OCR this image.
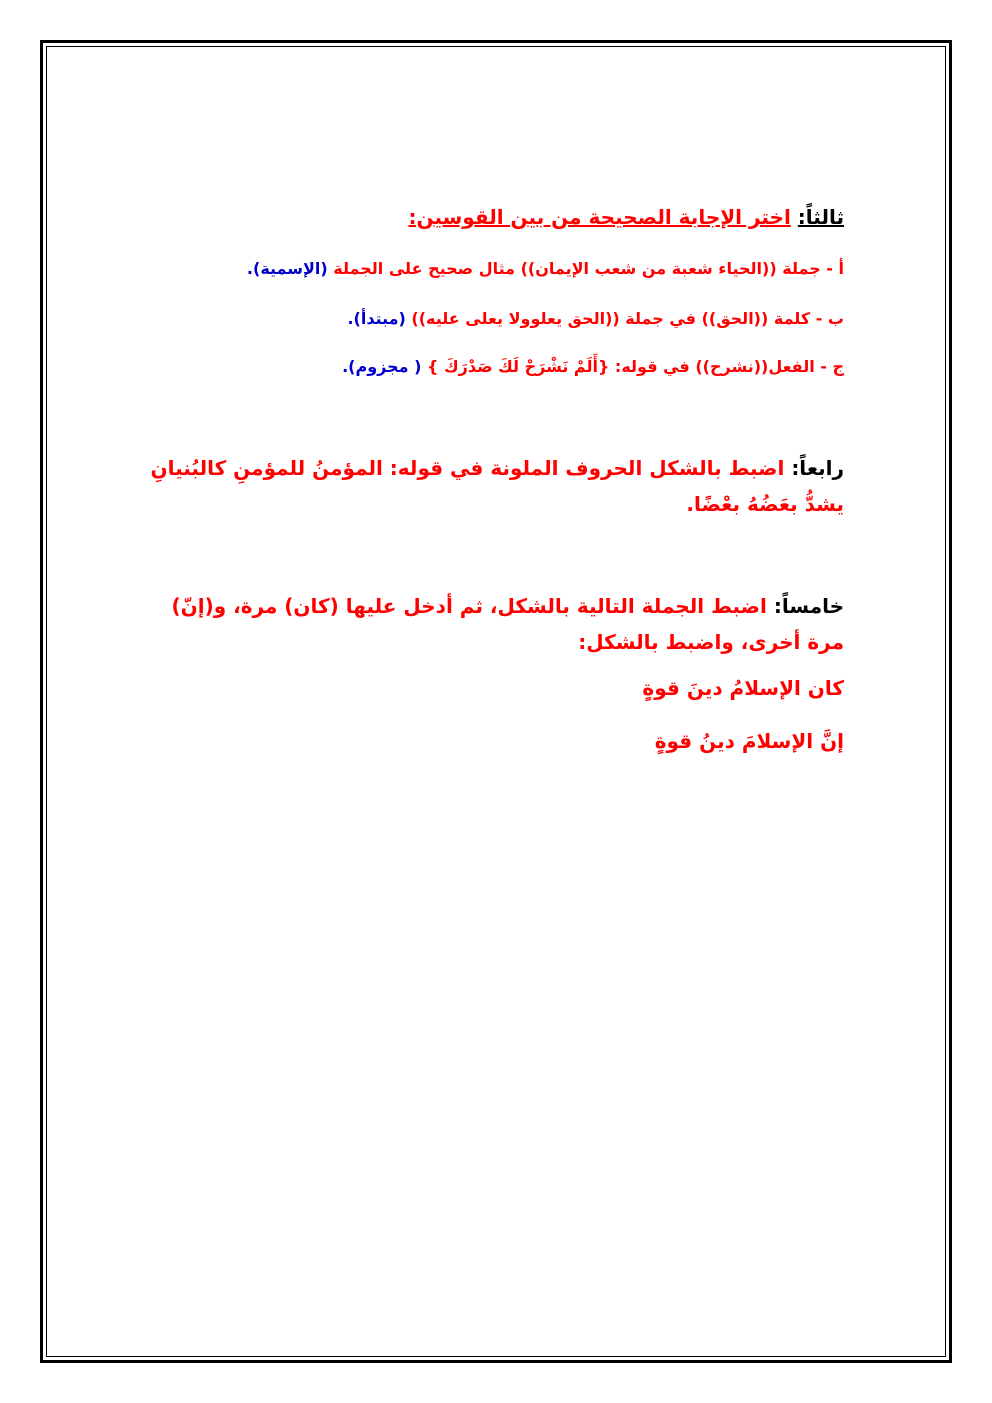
ثالثاً: اختر الإجابة الصحيحة من بين القوسين:
أ - جملة ((الحياء شعبة من شعب الإيمان)) مثال صحيح على الجملة (الإسمية).
ب - كلمة ((الحق)) في جملة ((الحق يعلوولا يعلى عليه)) (مبتدأ).
ج - الفعل((نشرح)) في قوله: {أَلَمْ نَشْرَحْ لَكَ صَدْرَكَ } ( مجزوم).
رابعاً: اضبط بالشكل الحروف الملونة في قوله: المؤمنُ للمؤمنِ كالبُنيانِ يشدُّ بعَضُهُ بعْضًا.
خامساً: اضبط الجملة التالية بالشكل، ثم أدخل عليها (كان) مرة، و(إنّ) مرة أخرى، واضبط بالشكل:
كان الإسلامُ دينَ قوةٍ
إنَّ الإسلامَ دينُ قوةٍ
